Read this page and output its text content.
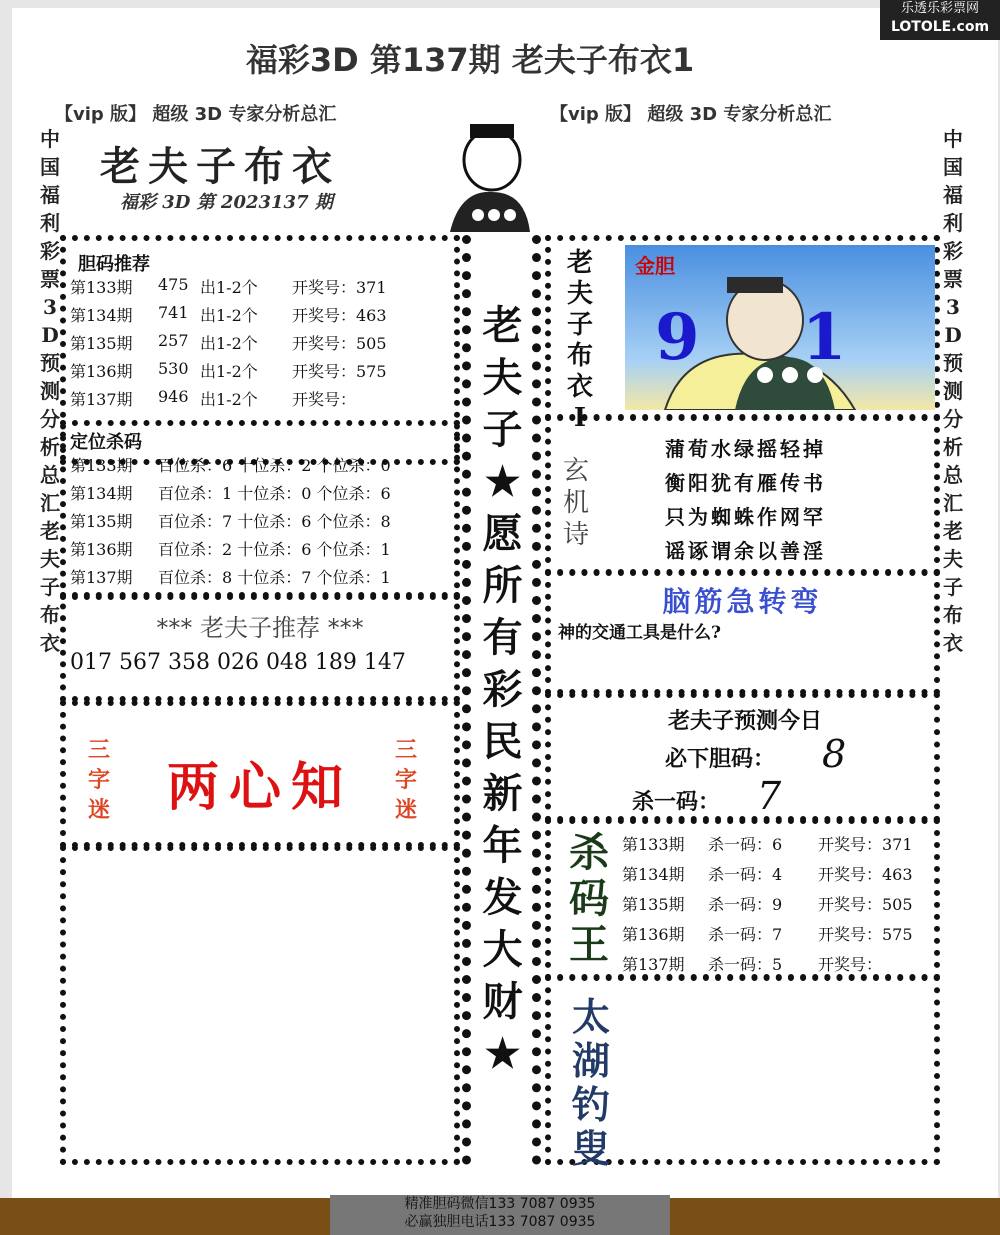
福彩3D 第137期 老夫子布衣1
乐透乐彩票网
LOTOLE.com
【vip 版】 超级 3D 专家分析总汇	【vip 版】 超级 3D 专家分析总汇
中国福利彩票3D预测分析总汇老夫子布衣
中国福利彩票3D预测分析总汇老夫子布衣
老夫子布衣
福彩 3D 第 2023137 期
胆码推荐
第133期	475 出1-2个	开奖号：371
第134期	741 出1-2个	开奖号：463
第135期	257 出1-2个	开奖号：505
第136期	530 出1-2个	开奖号：575
第137期	946 出1-2个	开奖号：
定位杀码
第133期	百位杀：6 十位杀：2 个位杀：0
第134期	百位杀：1 十位杀：0 个位杀：6
第135期	百位杀：7 十位杀：6 个位杀：8
第136期	百位杀：2 十位杀：6 个位杀：1
第137期	百位杀：8 十位杀：7 个位杀：1
*** 老夫子推荐 ***
017 567 358 026 048 189 147
三字迷
三字迷
两心知
老
夫
子
★
愿
所
有
彩
民
新
年
发
大
财
★
老
夫
子
布
衣
I
金胆
9 1
玄
机
诗
蒲荀水绿摇轻掉
衡阳犹有雁传书
只为蜘蛛作网罕
谣诼谓余以善淫
脑筋急转弯
神的交通工具是什么?
老夫子预测今日
必下胆码： 8
杀一码： 7
杀
码
王
第133期	杀一码：6	开奖号：371
第134期	杀一码：4	开奖号：463
第135期	杀一码：9	开奖号：505
第136期	杀一码：7	开奖号：575
第137期	杀一码：5	开奖号：
太
湖
钓
叟
精准胆码微信133 7087 0935
必赢独胆电话133 7087 0935
